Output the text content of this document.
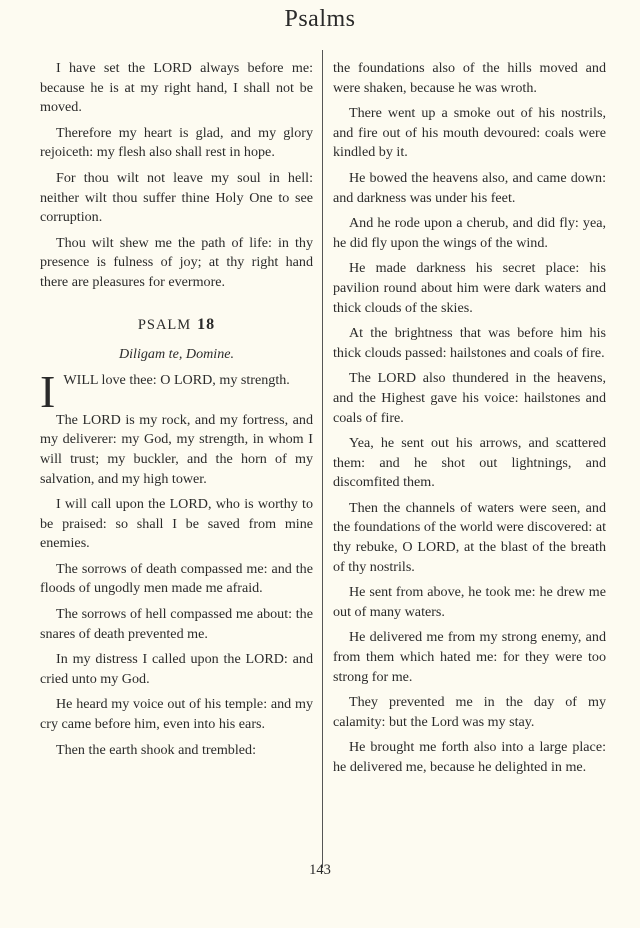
Psalms

I have set the LORD always before me: because he is at my right hand, I shall not be moved.

Therefore my heart is glad, and my glory rejoiceth: my flesh also shall rest in hope.

For thou wilt not leave my soul in hell: neither wilt thou suffer thine Holy One to see corruption.

Thou wilt shew me the path of life: in thy presence is fulness of joy; at thy right hand there are pleasures for evermore.

PSALM 18
Diligam te, Domine.

IWILL love thee: O LORD, my strength.

The LORD is my rock, and my fortress, and my deliverer: my God, my strength, in whom I will trust; my buckler, and the horn of my salvation, and my high tower.

I will call upon the LORD, who is worthy to be praised: so shall I be saved from mine enemies.

The sorrows of death compassed me: and the floods of ungodly men made me afraid.

The sorrows of hell compassed me about: the snares of death prevented me.

In my distress I called upon the LORD: and cried unto my God.

He heard my voice out of his temple: and my cry came before him, even into his ears.

Then the earth shook and trembled:

the foundations also of the hills moved and were shaken, because he was wroth.

There went up a smoke out of his nostrils, and fire out of his mouth devoured: coals were kindled by it.

He bowed the heavens also, and came down: and darkness was under his feet.

And he rode upon a cherub, and did fly: yea, he did fly upon the wings of the wind.

He made darkness his secret place: his pavilion round about him were dark waters and thick clouds of the skies.

At the brightness that was before him his thick clouds passed: hailstones and coals of fire.

The LORD also thundered in the heavens, and the Highest gave his voice: hailstones and coals of fire.

Yea, he sent out his arrows, and scattered them: and he shot out lightnings, and discomfited them.

Then the channels of waters were seen, and the foundations of the world were discovered: at thy rebuke, O LORD, at the blast of the breath of thy nostrils.

He sent from above, he took me: he drew me out of many waters.

He delivered me from my strong enemy, and from them which hated me: for they were too strong for me.

They prevented me in the day of my calamity: but the Lord was my stay.

He brought me forth also into a large place: he delivered me, because he delighted in me.

143
